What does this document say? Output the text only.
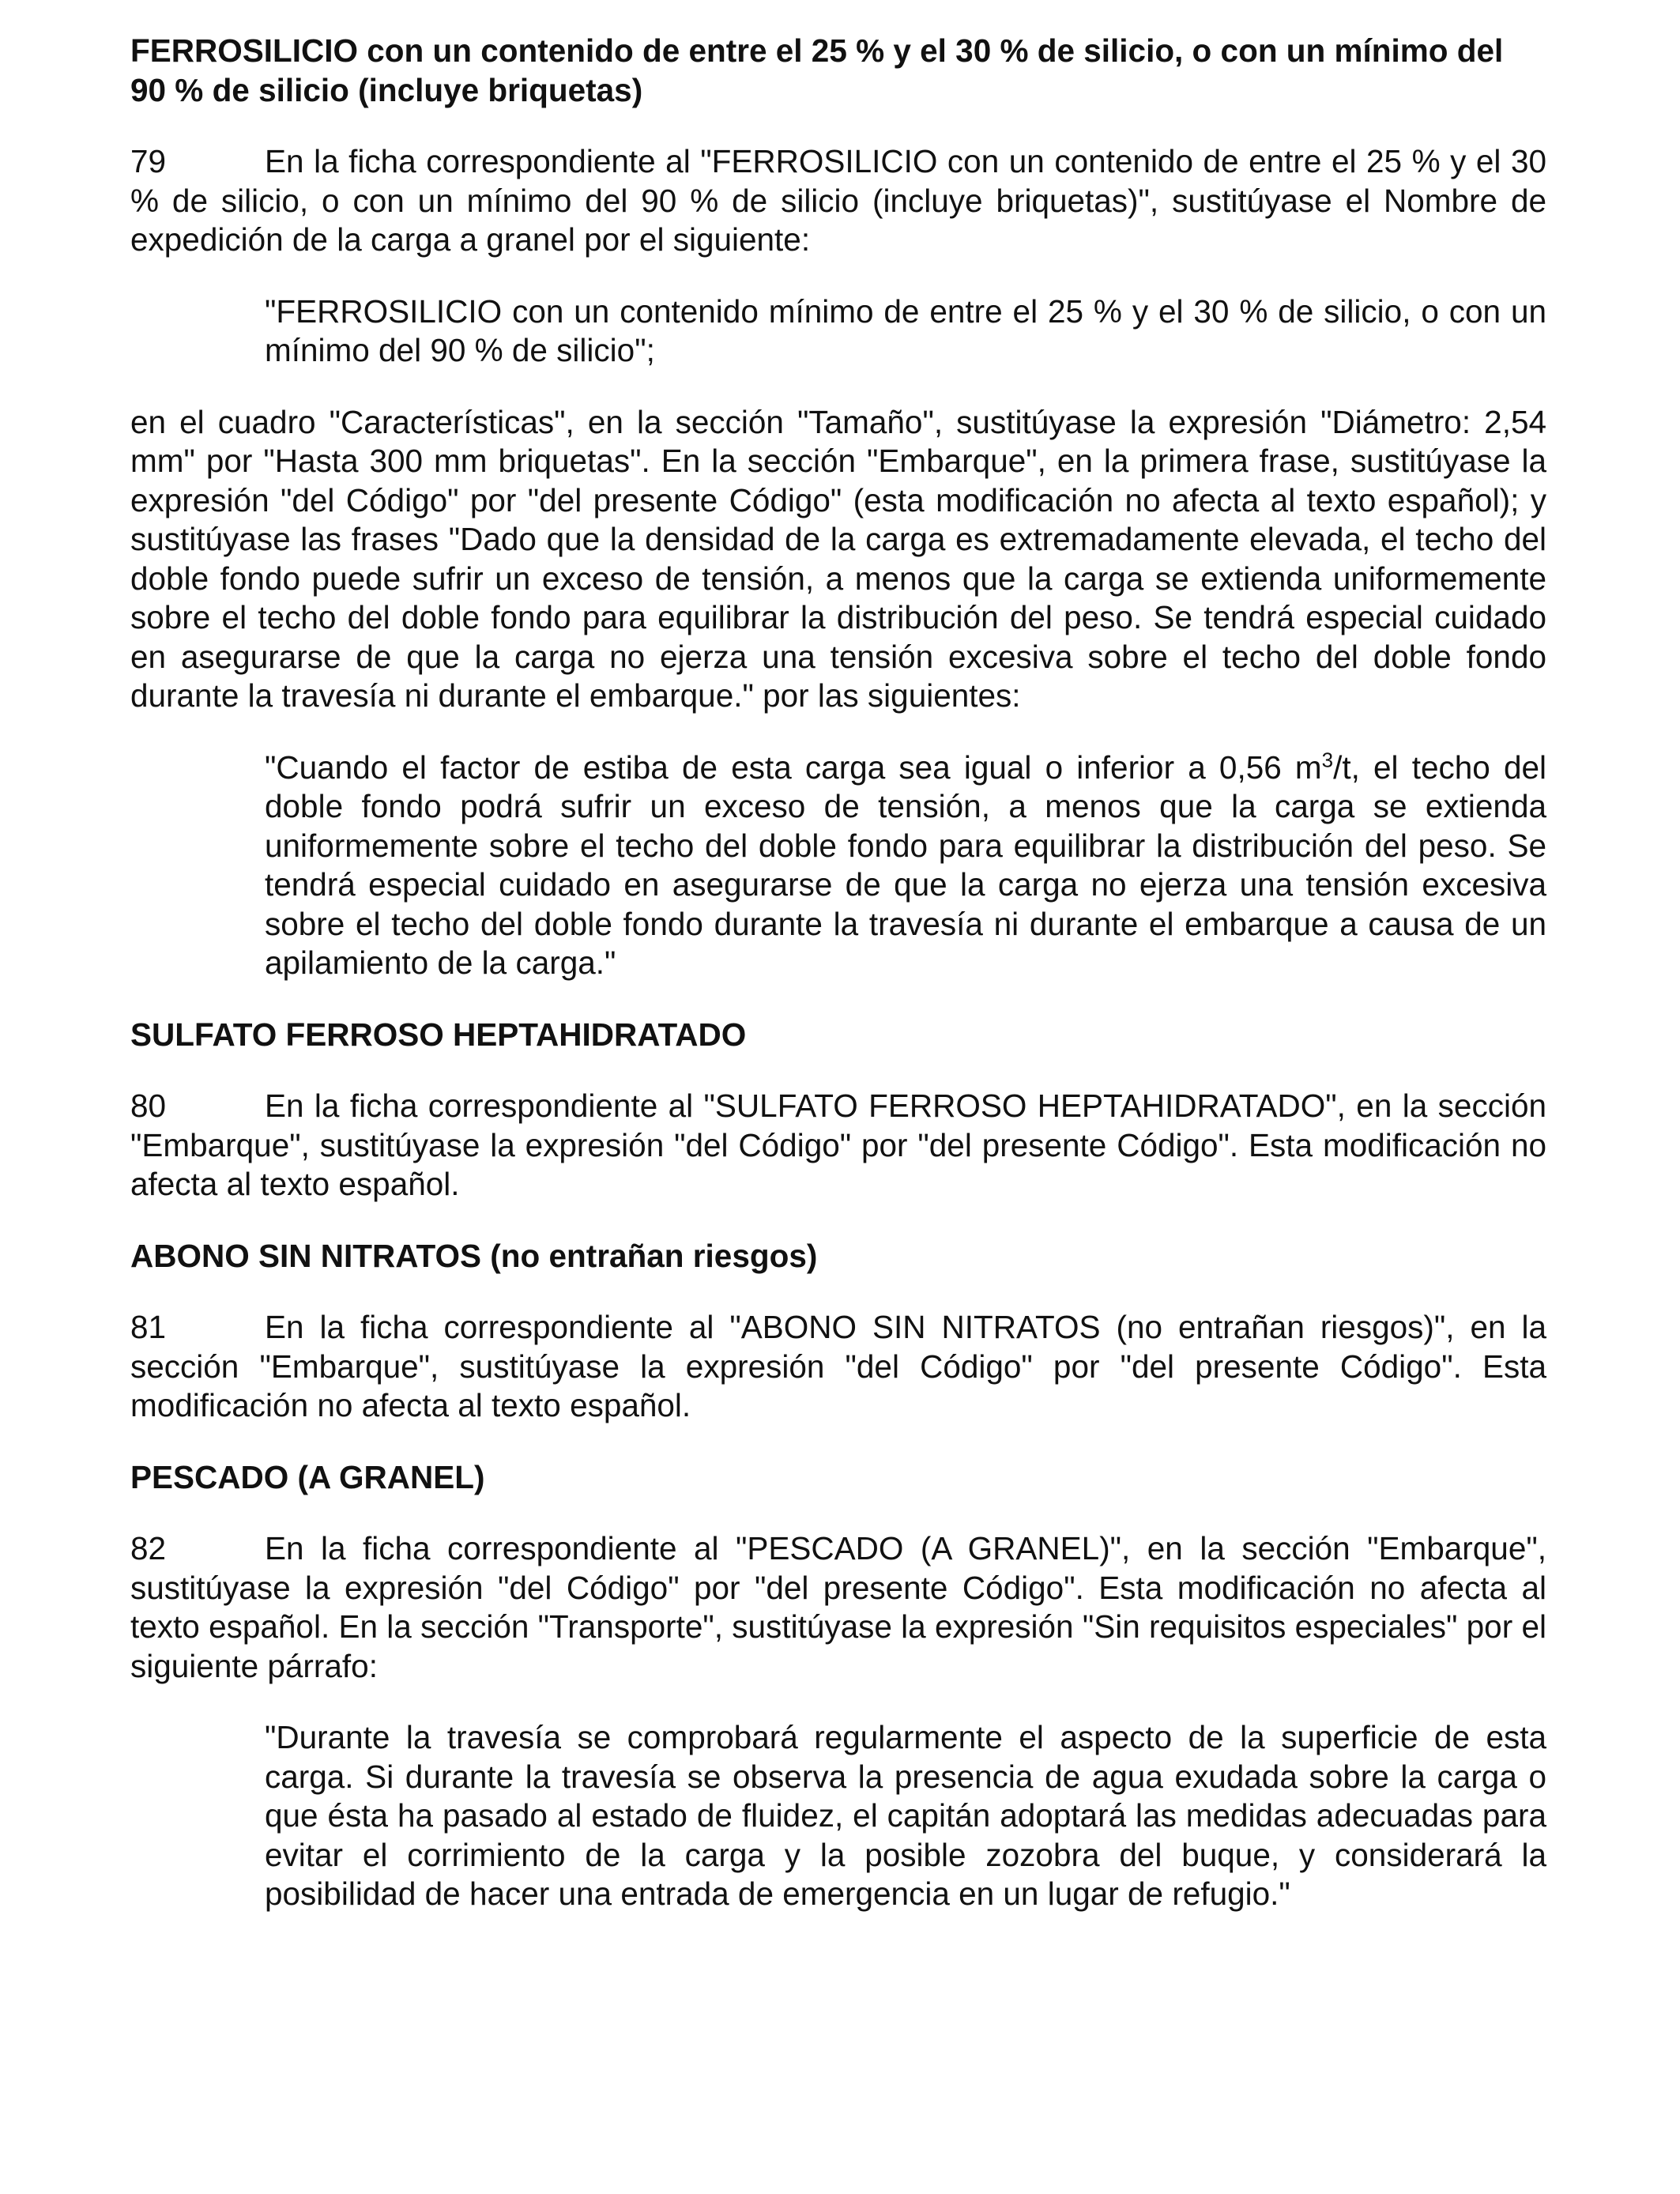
FERROSILICIO con un contenido de entre el 25 % y el 30 % de silicio, o con un mínimo del 90 % de silicio (incluye briquetas)

79	En la ficha correspondiente al "FERROSILICIO con un contenido de entre el 25 % y el 30 % de silicio, o con un mínimo del 90 % de silicio (incluye briquetas)", sustitúyase el Nombre de expedición de la carga a granel por el siguiente:

"FERROSILICIO con un contenido mínimo de entre el 25 % y el 30 % de silicio, o con un mínimo del 90 % de silicio";

en el cuadro "Características", en la sección "Tamaño", sustitúyase la expresión "Diámetro: 2,54 mm" por "Hasta 300 mm briquetas". En la sección "Embarque", en la primera frase, sustitúyase la expresión "del Código" por "del presente Código" (esta modificación no afecta al texto español); y sustitúyase las frases "Dado que la densidad de la carga es extremadamente elevada, el techo del doble fondo puede sufrir un exceso de tensión, a menos que la carga se extienda uniformemente sobre el techo del doble fondo para equilibrar la distribución del peso. Se tendrá especial cuidado en asegurarse de que la carga no ejerza una tensión excesiva sobre el techo del doble fondo durante la travesía ni durante el embarque." por las siguientes:

"Cuando el factor de estiba de esta carga sea igual o inferior a 0,56 $m^3/t$, el techo del doble fondo podrá sufrir un exceso de tensión, a menos que la carga se extienda uniformemente sobre el techo del doble fondo para equilibrar la distribución del peso. Se tendrá especial cuidado en asegurarse de que la carga no ejerza una tensión excesiva sobre el techo del doble fondo durante la travesía ni durante el embarque a causa de un apilamiento de la carga."

SULFATO FERROSO HEPTAHIDRATADO

80	En la ficha correspondiente al "SULFATO FERROSO HEPTAHIDRATADO", en la sección "Embarque", sustitúyase la expresión "del Código" por "del presente Código". Esta modificación no afecta al texto español.

ABONO SIN NITRATOS (no entrañan riesgos)

81	En la ficha correspondiente al "ABONO SIN NITRATOS (no entrañan riesgos)", en la sección "Embarque", sustitúyase la expresión "del Código" por "del presente Código". Esta modificación no afecta al texto español.

PESCADO (A GRANEL)

82	En la ficha correspondiente al "PESCADO (A GRANEL)", en la sección "Embarque", sustitúyase la expresión "del Código" por "del presente Código". Esta modificación no afecta al texto español. En la sección "Transporte", sustitúyase la expresión "Sin requisitos especiales" por el siguiente párrafo:

"Durante la travesía se comprobará regularmente el aspecto de la superficie de esta carga. Si durante la travesía se observa la presencia de agua exudada sobre la carga o que ésta ha pasado al estado de fluidez, el capitán adoptará las medidas adecuadas para evitar el corrimiento de la carga y la posible zozobra del buque, y considerará la posibilidad de hacer una entrada de emergencia en un lugar de refugio."
